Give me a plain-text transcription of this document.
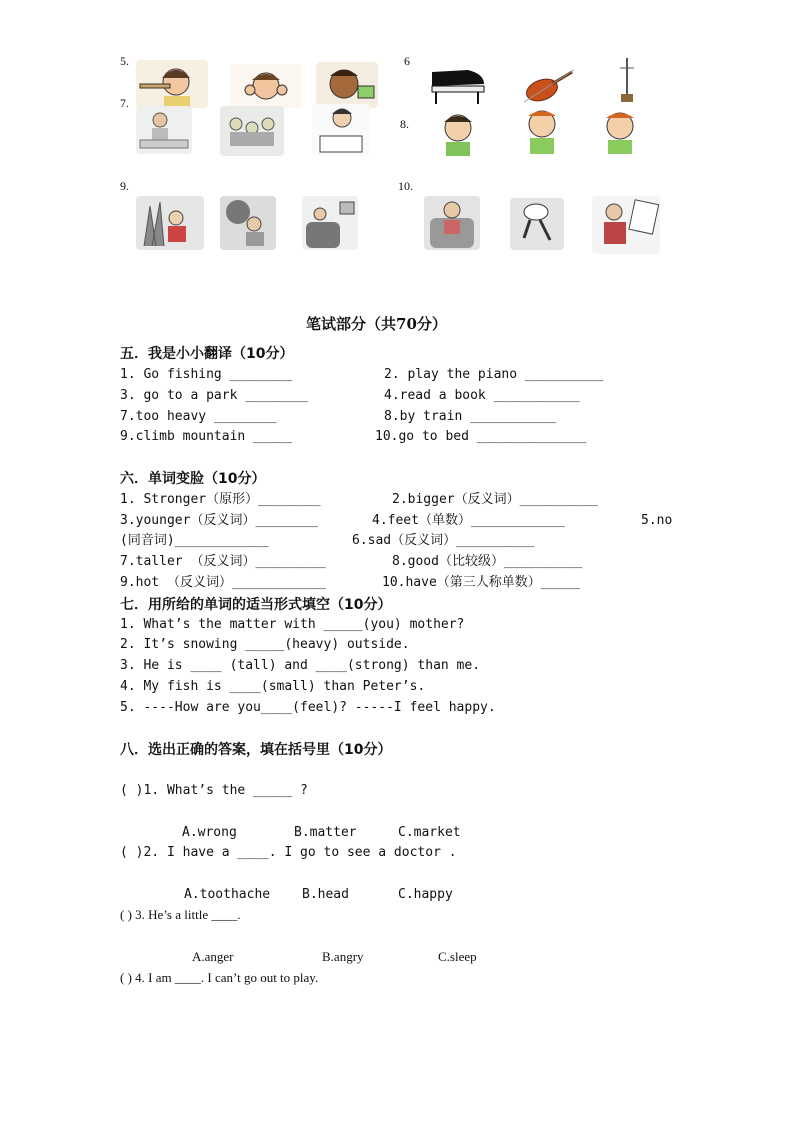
5.	6
7.
8.
9.	10.
笔试部分（共70分）
五．我是小小翻译（10分）
1. Go fishing ________	2. play the piano __________
3. go to a park ________	4.read a book ___________
7.too heavy ________	8.by train ___________
9.climb mountain _____	10.go to bed ______________
六．单词变脸（10分）
1. Stronger（原形）________	2.bigger（反义词）__________
3.younger（反义词）________	4.feet（单数）____________	5.no
(同音词)____________	6.sad（反义词）__________
7.taller （反义词）_________	8.good（比较级）__________
9.hot （反义词）____________	10.have（第三人称单数）_____
七．用所给的单词的适当形式填空（10分）
1. What’s the matter with _____(you) mother?
2. It’s snowing _____(heavy) outside.
3. He is ____ (tall) and ____(strong) than me.
4. My fish is ____(small) than Peter’s.
5. ----How are you____(feel)? -----I feel happy.
八．选出正确的答案，填在括号里（10分）
( )1. What’s the _____ ?
A.wrong	B.matter	C.market
( )2. I have a ____. I go to see a doctor .
A.toothache B.head	C.happy
( ) 3. He’s a little ____.
A.anger	B.angry	C.sleep
( ) 4. I am ____. I can’t go out to play.
